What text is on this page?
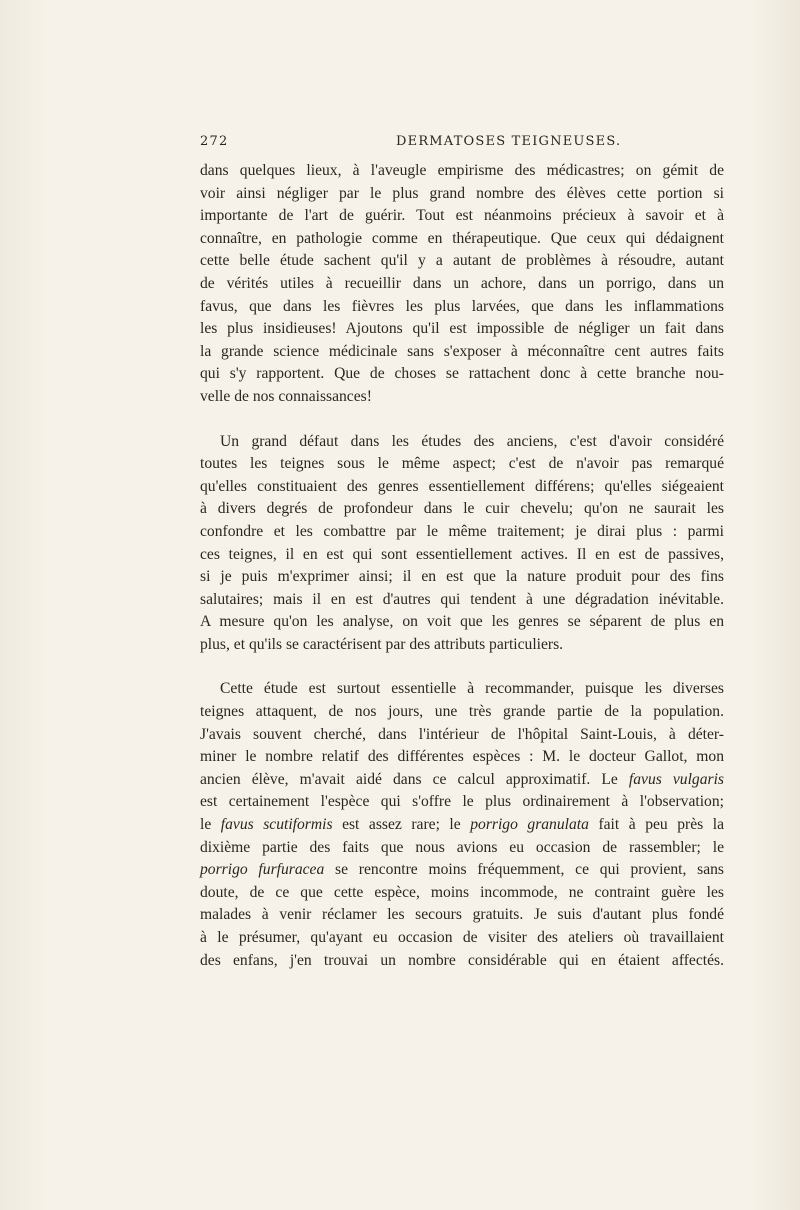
272	DERMATOSES TEIGNEUSES.

dans quelques lieux, à l'aveugle empirisme des médicastres; on gémit de
voir ainsi négliger par le plus grand nombre des élèves cette portion si
importante de l'art de guérir. Tout est néanmoins précieux à savoir et à
connaître, en pathologie comme en thérapeutique. Que ceux qui dédaignent
cette belle étude sachent qu'il y a autant de problèmes à résoudre, autant
de vérités utiles à recueillir dans un achore, dans un porrigo, dans un
favus, que dans les fièvres les plus larvées, que dans les inflammations
les plus insidieuses! Ajoutons qu'il est impossible de négliger un fait dans
la grande science médicinale sans s'exposer à méconnaître cent autres faits
qui s'y rapportent. Que de choses se rattachent donc à cette branche nou-
velle de nos connaissances!

Un grand défaut dans les études des anciens, c'est d'avoir considéré
toutes les teignes sous le même aspect; c'est de n'avoir pas remarqué
qu'elles constituaient des genres essentiellement différens; qu'elles siégeaient
à divers degrés de profondeur dans le cuir chevelu; qu'on ne saurait les
confondre et les combattre par le même traitement; je dirai plus : parmi
ces teignes, il en est qui sont essentiellement actives. Il en est de passives,
si je puis m'exprimer ainsi; il en est que la nature produit pour des fins
salutaires; mais il en est d'autres qui tendent à une dégradation inévitable.
A mesure qu'on les analyse, on voit que les genres se séparent de plus en
plus, et qu'ils se caractérisent par des attributs particuliers.

Cette étude est surtout essentielle à recommander, puisque les diverses
teignes attaquent, de nos jours, une très grande partie de la population.
J'avais souvent cherché, dans l'intérieur de l'hôpital Saint-Louis, à déter-
miner le nombre relatif des différentes espèces : M. le docteur Gallot, mon
ancien élève, m'avait aidé dans ce calcul approximatif. Le favus vulgaris
est certainement l'espèce qui s'offre le plus ordinairement à l'observation;
le favus scutiformis est assez rare; le porrigo granulata fait à peu près la
dixième partie des faits que nous avions eu occasion de rassembler; le
porrigo furfuracea se rencontre moins fréquemment, ce qui provient, sans
doute, de ce que cette espèce, moins incommode, ne contraint guère les
malades à venir réclamer les secours gratuits. Je suis d'autant plus fondé
à le présumer, qu'ayant eu occasion de visiter des ateliers où travaillaient
des enfans, j'en trouvai un nombre considérable qui en étaient affectés.
